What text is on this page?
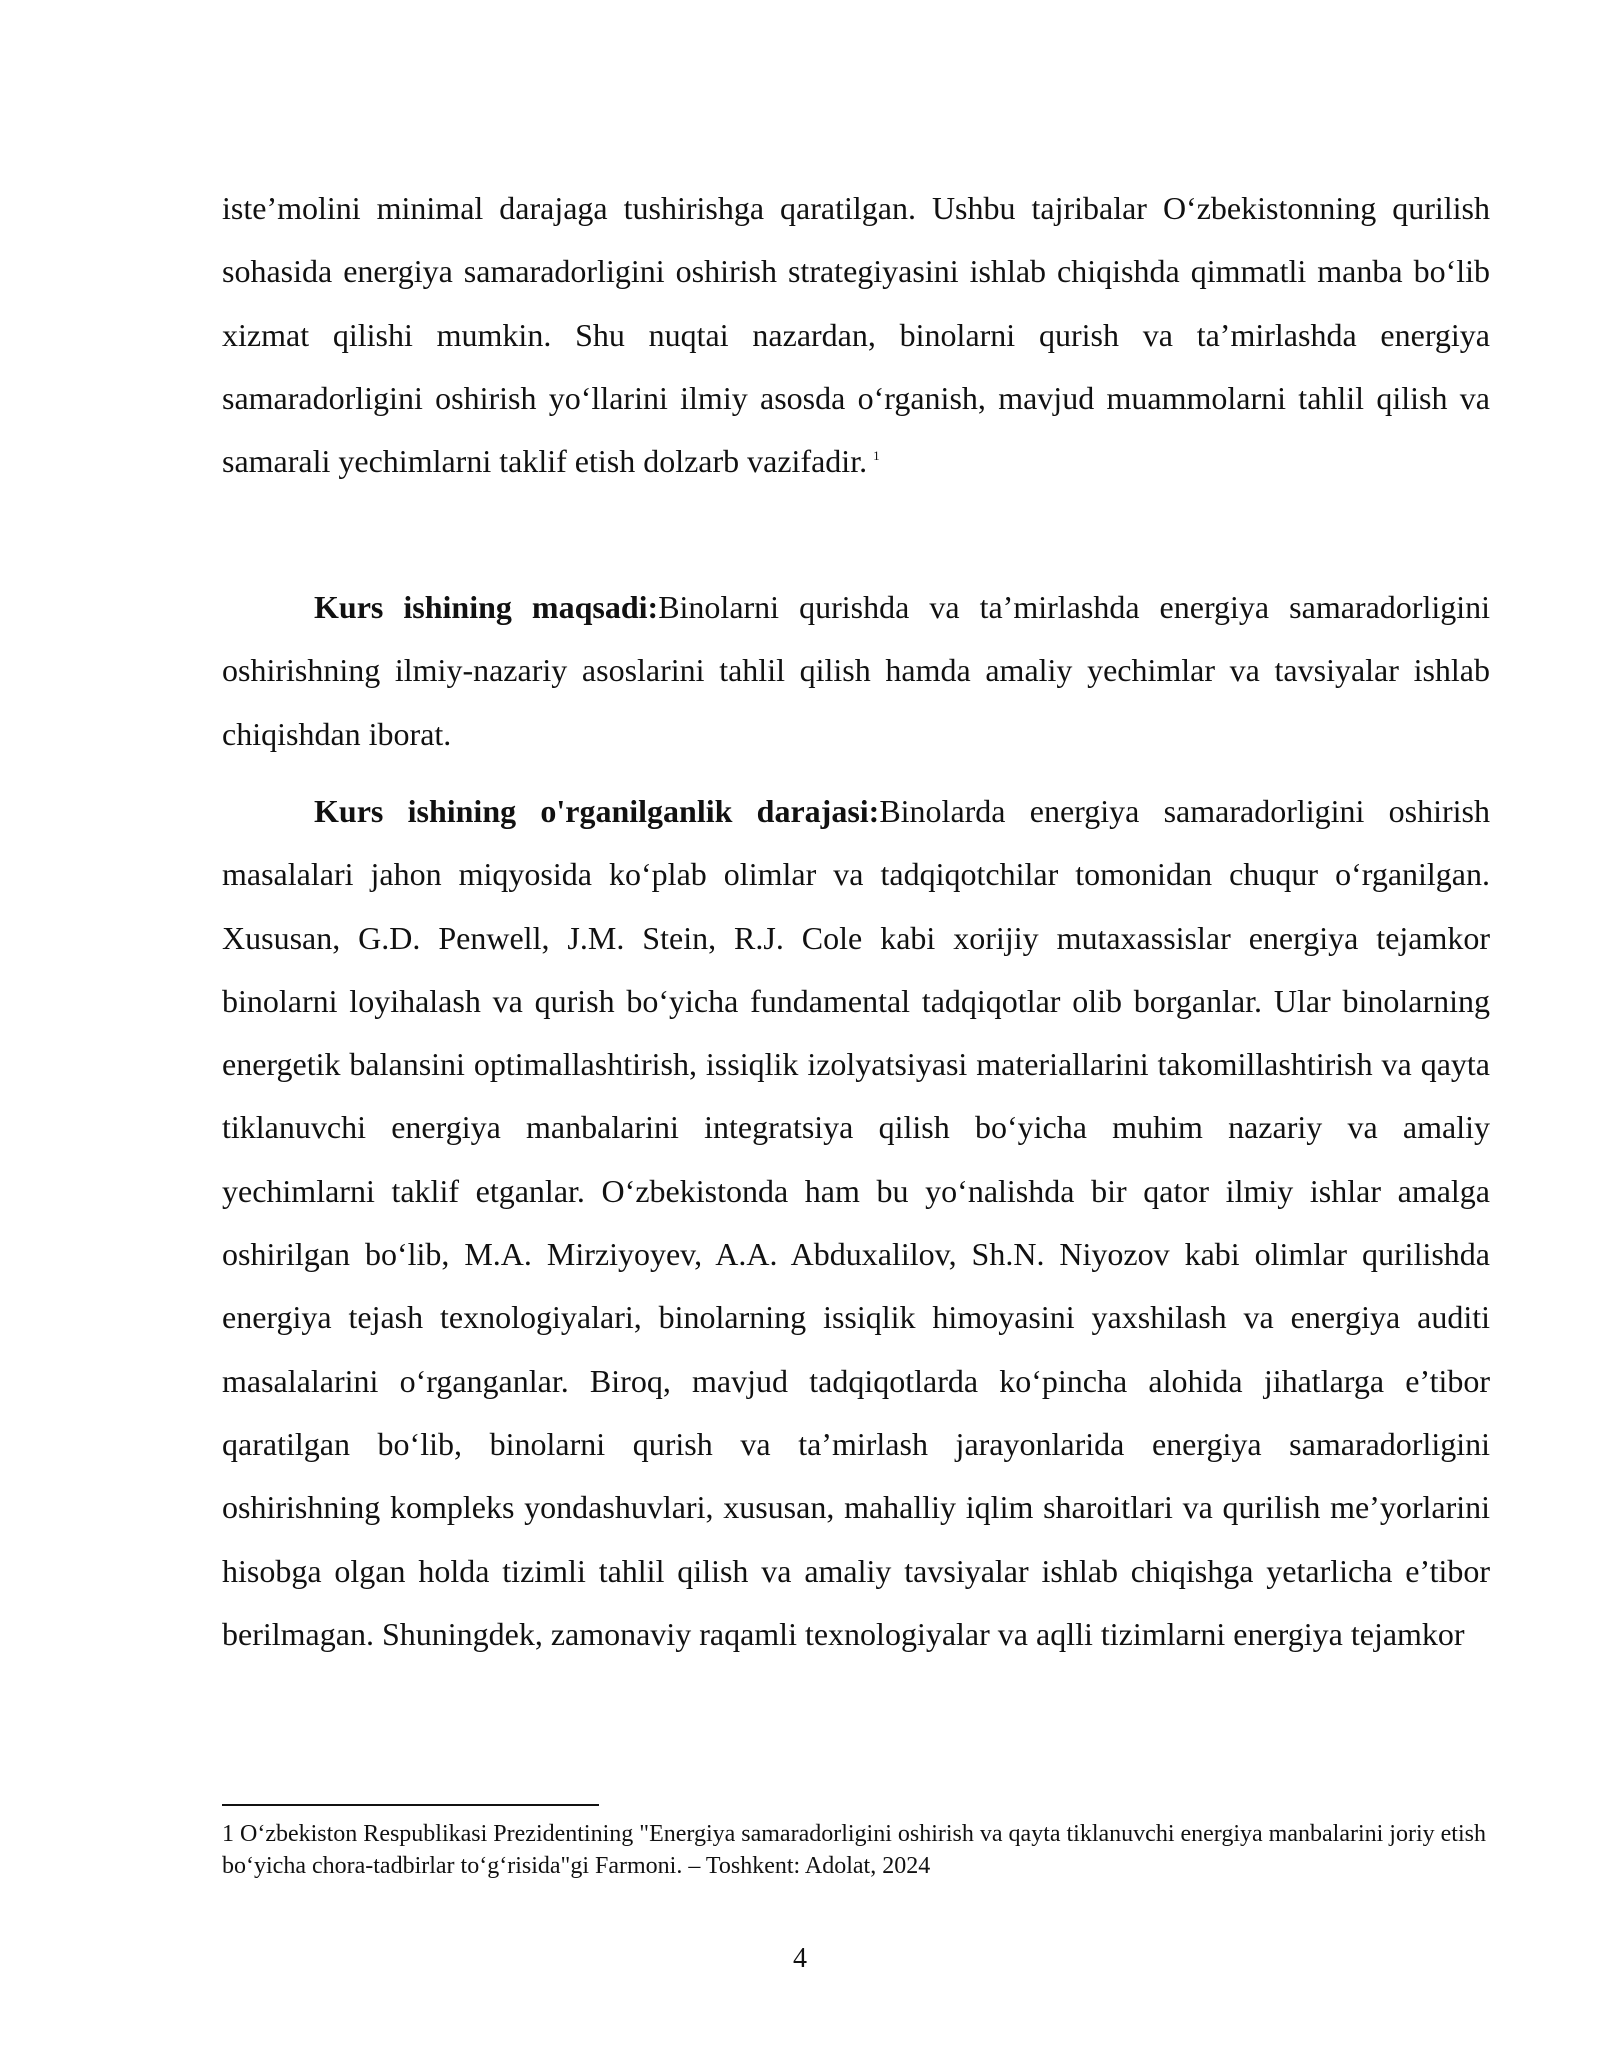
iste’molini minimal darajaga tushirishga qaratilgan. Ushbu tajribalar O‘zbekistonning qurilish sohasida energiya samaradorligini oshirish strategiyasini ishlab chiqishda qimmatli manba bo‘lib xizmat qilishi mumkin. Shu nuqtai nazardan, binolarni qurish va ta’mirlashda energiya samaradorligini oshirish yo‘llarini ilmiy asosda o‘rganish, mavjud muammolarni tahlil qilish va samarali yechimlarni taklif etish dolzarb vazifadir. $^1$

Kurs ishining maqsadi:Binolarni qurishda va ta’mirlashda energiya samaradorligini oshirishning ilmiy-nazariy asoslarini tahlil qilish hamda amaliy yechimlar va tavsiyalar ishlab chiqishdan iborat.

Kurs ishining o'rganilganlik darajasi:Binolarda energiya samaradorligini oshirish masalalari jahon miqyosida ko‘plab olimlar va tadqiqotchilar tomonidan chuqur o‘rganilgan. Xususan, G.D. Penwell, J.M. Stein, R.J. Cole kabi xorijiy mutaxassislar energiya tejamkor binolarni loyihalash va qurish bo‘yicha fundamental tadqiqotlar olib borganlar. Ular binolarning energetik balansini optimallashtirish, issiqlik izolyatsiyasi materiallarini takomillashtirish va qayta tiklanuvchi energiya manbalarini integratsiya qilish bo‘yicha muhim nazariy va amaliy yechimlarni taklif etganlar. O‘zbekistonda ham bu yo‘nalishda bir qator ilmiy ishlar amalga oshirilgan bo‘lib, M.A. Mirziyoyev, A.A. Abduxalilov, Sh.N. Niyozov kabi olimlar qurilishda energiya tejash texnologiyalari, binolarning issiqlik himoyasini yaxshilash va energiya auditi masalalarini o‘rganganlar. Biroq, mavjud tadqiqotlarda ko‘pincha alohida jihatlarga e’tibor qaratilgan bo‘lib, binolarni qurish va ta’mirlash jarayonlarida energiya samaradorligini oshirishning kompleks yondashuvlari, xususan, mahalliy iqlim sharoitlari va qurilish me’yorlarini hisobga olgan holda tizimli tahlil qilish va amaliy tavsiyalar ishlab chiqishga yetarlicha e’tibor berilmagan. Shuningdek, zamonaviy raqamli texnologiyalar va aqlli tizimlarni energiya tejamkor

1 O‘zbekiston Respublikasi Prezidentining "Energiya samaradorligini oshirish va qayta tiklanuvchi energiya manbalarini joriy etish bo‘yicha chora-tadbirlar to‘g‘risida"gi Farmoni. – Toshkent: Adolat, 2024
4
